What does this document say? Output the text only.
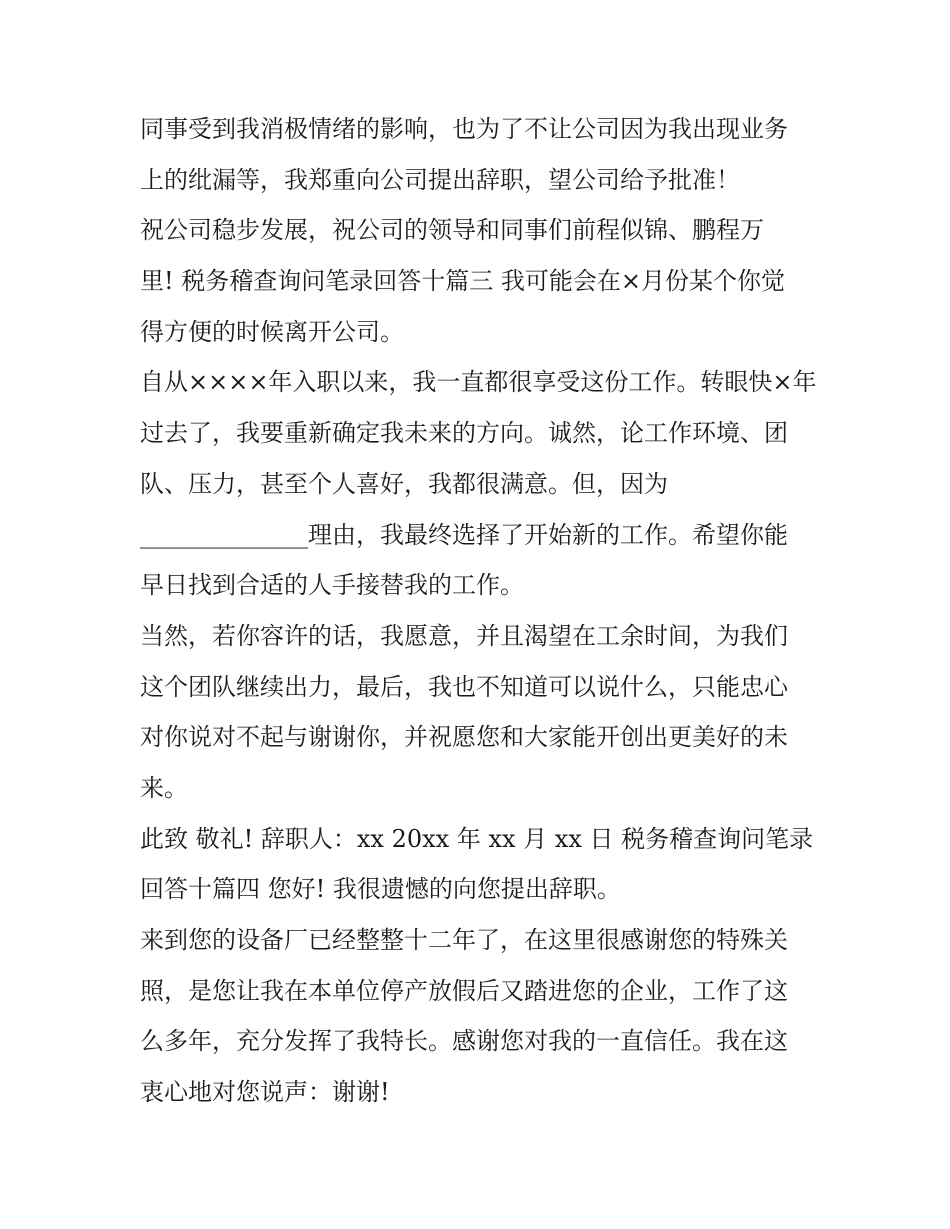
同事受到我消极情绪的影响，也为了不让公司因为我出现业务
上的纰漏等，我郑重向公司提出辞职，望公司给予批准！
祝公司稳步发展，祝公司的领导和同事们前程似锦、鹏程万
里! 税务稽查询问笔录回答十篇三 我可能会在×月份某个你觉
得方便的时候离开公司。
自从××××年入职以来，我一直都很享受这份工作。转眼快×年
过去了，我要重新确定我未来的方向。诚然，论工作环境、团
队、压力，甚至个人喜好，我都很满意。但，因为
______________理由，我最终选择了开始新的工作。希望你能
早日找到合适的人手接替我的工作。
当然，若你容许的话，我愿意，并且渴望在工余时间，为我们
这个团队继续出力，最后，我也不知道可以说什么，只能忠心
对你说对不起与谢谢你，并祝愿您和大家能开创出更美好的未
来。
此致 敬礼! 辞职人：xx 20xx 年 xx 月 xx 日 税务稽查询问笔录
回答十篇四 您好! 我很遗憾的向您提出辞职。
来到您的设备厂已经整整十二年了，在这里很感谢您的特殊关
照，是您让我在本单位停产放假后又踏进您的企业，工作了这
么多年，充分发挥了我特长。感谢您对我的一直信任。我在这
衷心地对您说声：谢谢!
